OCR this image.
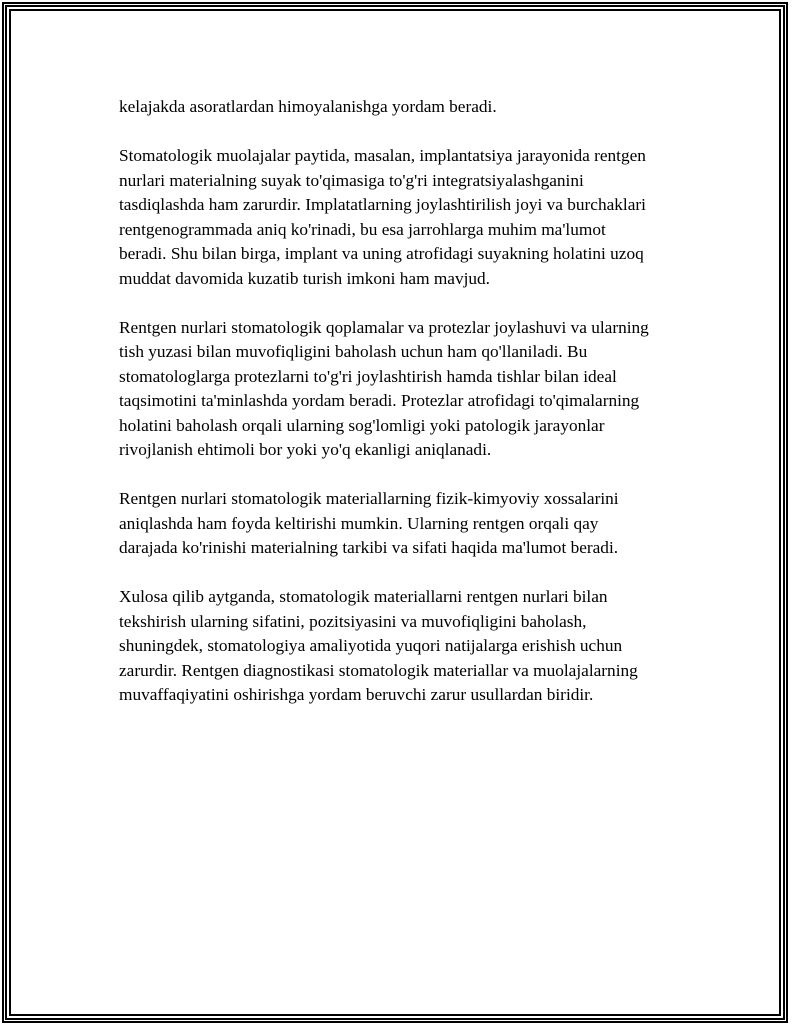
kelajakda asoratlardan himoyalanishga yordam beradi.

Stomatologik muolajalar paytida, masalan, implantatsiya jarayonida rentgen
nurlari materialning suyak to'qimasiga to'g'ri integratsiyalashganini
tasdiqlashda ham zarurdir. Implatatlarning joylashtirilish joyi va burchaklari
rentgenogrammada aniq ko'rinadi, bu esa jarrohlarga muhim ma'lumot
beradi. Shu bilan birga, implant va uning atrofidagi suyakning holatini uzoq
muddat davomida kuzatib turish imkoni ham mavjud.

Rentgen nurlari stomatologik qoplamalar va protezlar joylashuvi va ularning
tish yuzasi bilan muvofiqligini baholash uchun ham qo'llaniladi. Bu
stomatologlarga protezlarni to'g'ri joylashtirish hamda tishlar bilan ideal
taqsimotini ta'minlashda yordam beradi. Protezlar atrofidagi to'qimalarning
holatini baholash orqali ularning sog'lomligi yoki patologik jarayonlar
rivojlanish ehtimoli bor yoki yo'q ekanligi aniqlanadi.

Rentgen nurlari stomatologik materiallarning fizik-kimyoviy xossalarini
aniqlashda ham foyda keltirishi mumkin. Ularning rentgen orqali qay
darajada ko'rinishi materialning tarkibi va sifati haqida ma'lumot beradi.

Xulosa qilib aytganda, stomatologik materiallarni rentgen nurlari bilan
tekshirish ularning sifatini, pozitsiyasini va muvofiqligini baholash,
shuningdek, stomatologiya amaliyotida yuqori natijalarga erishish uchun
zarurdir. Rentgen diagnostikasi stomatologik materiallar va muolajalarning
muvaffaqiyatini oshirishga yordam beruvchi zarur usullardan biridir.
